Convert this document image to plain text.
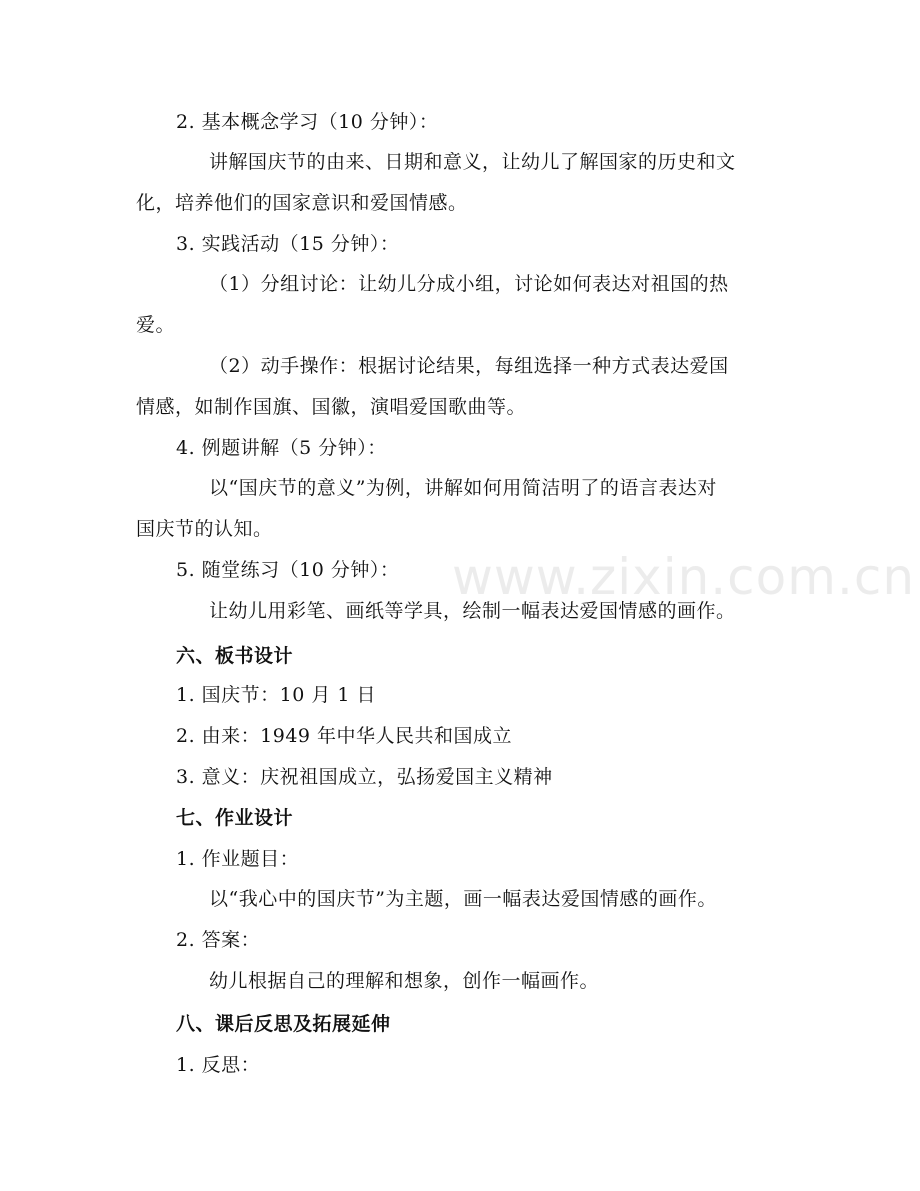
www.zixin.com.cn
2. 基本概念学习（10 分钟）：
讲解国庆节的由来、日期和意义，让幼儿了解国家的历史和文
化，培养他们的国家意识和爱国情感。
3. 实践活动（15 分钟）：
（1）分组讨论：让幼儿分成小组，讨论如何表达对祖国的热
爱。
（2）动手操作：根据讨论结果，每组选择一种方式表达爱国
情感，如制作国旗、国徽，演唱爱国歌曲等。
4. 例题讲解（5 分钟）：
以“国庆节的意义”为例，讲解如何用简洁明了的语言表达对
国庆节的认知。
5. 随堂练习（10 分钟）：
让幼儿用彩笔、画纸等学具，绘制一幅表达爱国情感的画作。
六、板书设计
1. 国庆节：10 月 1 日
2. 由来：1949 年中华人民共和国成立
3. 意义：庆祝祖国成立，弘扬爱国主义精神
七、作业设计
1. 作业题目：
以“我心中的国庆节”为主题，画一幅表达爱国情感的画作。
2. 答案：
幼儿根据自己的理解和想象，创作一幅画作。
八、课后反思及拓展延伸
1. 反思：
